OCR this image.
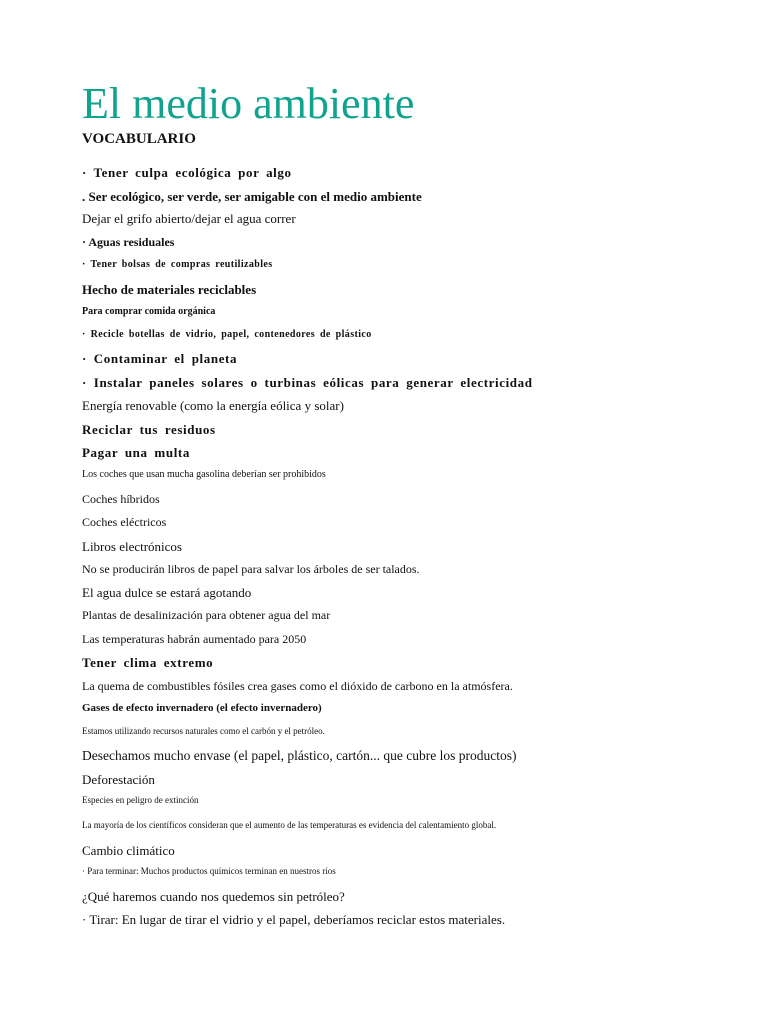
El medio ambiente
VOCABULARIO

· Tener culpa ecológica por algo

. Ser ecológico, ser verde, ser amigable con el medio ambiente

Dejar el grifo abierto/dejar el agua correr

· Aguas residuales

· Tener bolsas de compras reutilizables

Hecho de materiales reciclables

Para comprar comida orgánica

· Recicle botellas de vidrio, papel, contenedores de plástico

· Contaminar el planeta

· Instalar paneles solares o turbinas eólicas para generar electricidad

Energía renovable (como la energía eólica y solar)

Reciclar tus residuos

Pagar una multa

Los coches que usan mucha gasolina deberían ser prohibidos

Coches híbridos

Coches eléctricos

Libros electrónicos

No se producirán libros de papel para salvar los árboles de ser talados.

El agua dulce se estará agotando

Plantas de desalinización para obtener agua del mar

Las temperaturas habrán aumentado para 2050

Tener clima extremo

La quema de combustibles fósiles crea gases como el dióxido de carbono en la atmósfera.

Gases de efecto invernadero (el efecto invernadero)

Estamos utilizando recursos naturales como el carbón y el petróleo.

Desechamos mucho envase (el papel, plástico, cartón... que cubre los productos)

Deforestación

Especies en peligro de extinción

La mayoría de los científicos consideran que el aumento de las temperaturas es evidencia del calentamiento global.

Cambio climático

· Para terminar: Muchos productos químicos terminan en nuestros ríos

¿Qué haremos cuando nos quedemos sin petróleo?

· Tirar: En lugar de tirar el vidrio y el papel, deberíamos reciclar estos materiales.
